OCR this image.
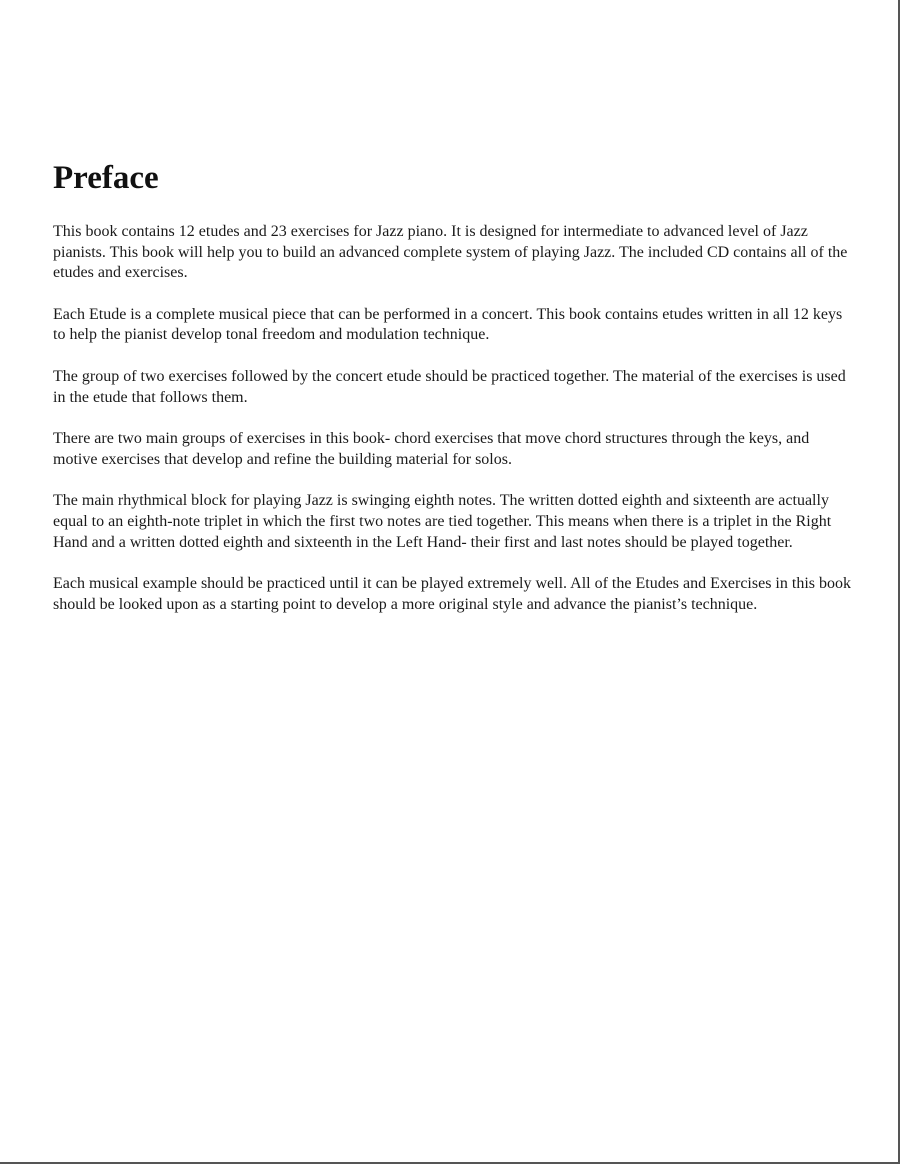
Preface

This book contains 12 etudes and 23 exercises for Jazz piano. It is designed for intermediate to advanced level of Jazz pianists. This book will help you to build an advanced complete system of playing Jazz. The included CD contains all of the etudes and exercises.

Each Etude is a complete musical piece that can be performed in a concert. This book contains etudes written in all 12 keys to help the pianist develop tonal freedom and modulation technique.

The group of two exercises followed by the concert etude should be practiced together. The material of the exercises is used in the etude that follows them.

There are two main groups of exercises in this book- chord exercises that move chord structures through the keys, and motive exercises that develop and refine the building material for solos.

The main rhythmical block for playing Jazz is swinging eighth notes. The written dotted eighth and sixteenth are actually equal to an eighth-note triplet in which the first two notes are tied together. This means when there is a triplet in the Right Hand and a written dotted eighth and sixteenth in the Left Hand- their first and last notes should be played together.

Each musical example should be practiced until it can be played extremely well. All of the Etudes and Exercises in this book should be looked upon as a starting point to develop a more original style and advance the pianist’s technique.
